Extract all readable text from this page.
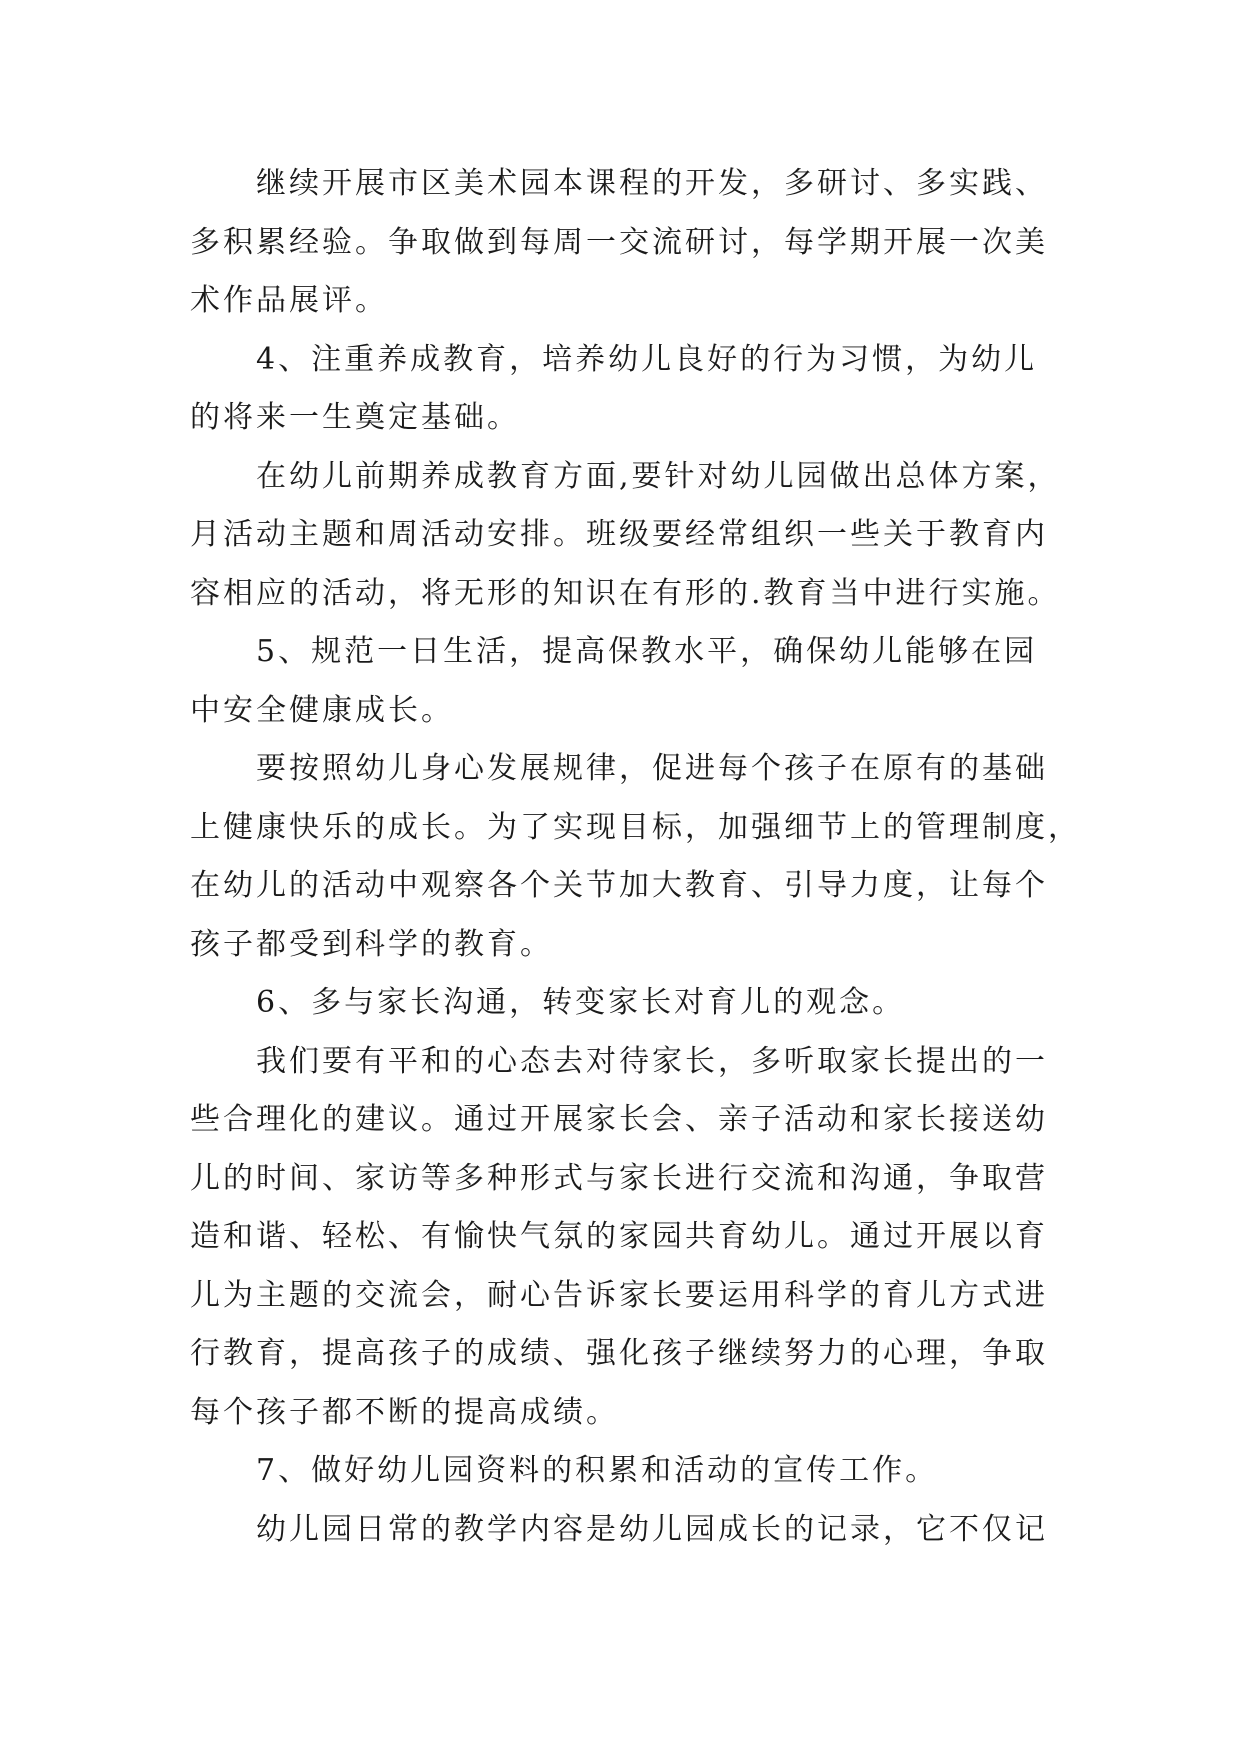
继续开展市区美术园本课程的开发，多研讨、多实践、
多积累经验。争取做到每周一交流研讨，每学期开展一次美
术作品展评。
4、注重养成教育，培养幼儿良好的行为习惯，为幼儿
的将来一生奠定基础。
在幼儿前期养成教育方面,要针对幼儿园做出总体方案，
月活动主题和周活动安排。班级要经常组织一些关于教育内
容相应的活动，将无形的知识在有形的.教育当中进行实施。
5、规范一日生活，提高保教水平，确保幼儿能够在园
中安全健康成长。
要按照幼儿身心发展规律，促进每个孩子在原有的基础
上健康快乐的成长。为了实现目标，加强细节上的管理制度，
在幼儿的活动中观察各个关节加大教育、引导力度，让每个
孩子都受到科学的教育。
6、多与家长沟通，转变家长对育儿的观念。
我们要有平和的心态去对待家长，多听取家长提出的一
些合理化的建议。通过开展家长会、亲子活动和家长接送幼
儿的时间、家访等多种形式与家长进行交流和沟通，争取营
造和谐、轻松、有愉快气氛的家园共育幼儿。通过开展以育
儿为主题的交流会，耐心告诉家长要运用科学的育儿方式进
行教育，提高孩子的成绩、强化孩子继续努力的心理，争取
每个孩子都不断的提高成绩。
7、做好幼儿园资料的积累和活动的宣传工作。
幼儿园日常的教学内容是幼儿园成长的记录，它不仅记
